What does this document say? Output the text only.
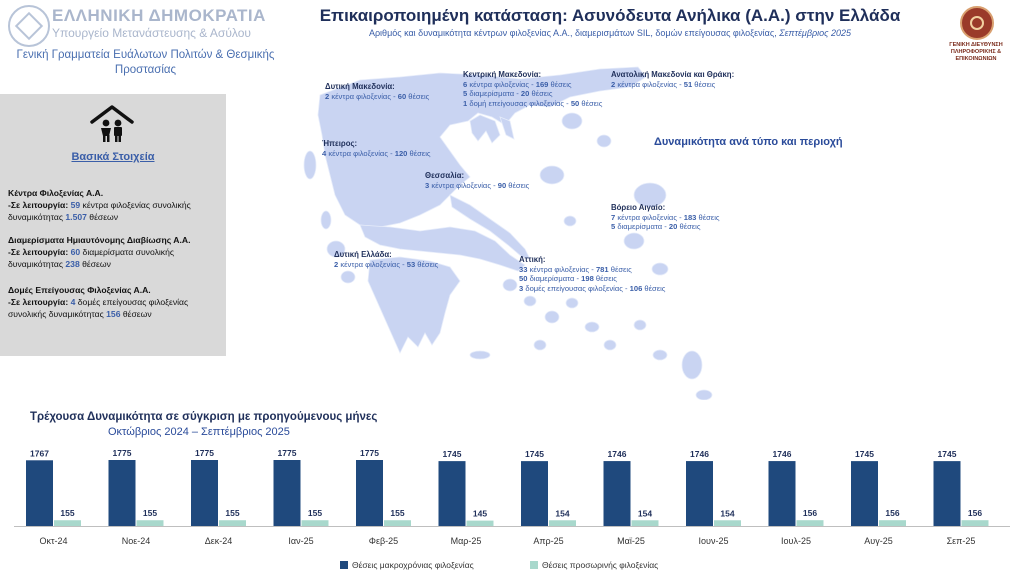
ΕΛΛΗΝΙΚΗ ΔΗΜΟΚΡΑΤΙΑ
Υπουργείο Μετανάστευσης & Ασύλου
Γενική Γραμματεία Ευάλωτων Πολιτών & Θεσμικής Προστασίας
Επικαιροποιημένη κατάσταση: Ασυνόδευτα Ανήλικα (Α.Α.) στην Ελλάδα
Αριθμός και δυναμικότητα κέντρων φιλοξενίας Α.Α., διαμερισμάτων SIL, δομών επείγουσας φιλοξενίας, Σεπτέμβριος 2025
ΓΕΝΙΚΗ ΔΙΕΥΘΥΝΣΗ ΠΛΗΡΟΦΟΡΙΚΗΣ & ΕΠΙΚΟΙΝΩΝΙΩΝ
Βασικά Στοιχεία
Κέντρα Φιλοξενίας Α.Α.
-Σε λειτουργία: 59 κέντρα φιλοξενίας συνολικής δυναμικότητας 1.507 θέσεων
Διαμερίσματα Ημιαυτόνομης Διαβίωσης Α.Α.
-Σε λειτουργία: 60 διαμερίσματα συνολικής δυναμικότητας 238 θέσεων
Δομές Επείγουσας Φιλοξενίας Α.Α.
-Σε λειτουργία: 4 δομές επείγουσας φιλοξενίας συνολικής δυναμικότητας 156 θέσεων
Δυτική Μακεδονία:
2 κέντρα φιλοξενίας - 60 θέσεις
Κεντρική Μακεδονία:
6 κέντρα φιλοξενίας - 169 θέσεις
5 διαμερίσματα - 20 θέσεις
1 δομή επείγουσας φιλοξενίας - 50 θέσεις
Ανατολική Μακεδονία και Θράκη:
2 κέντρα φιλοξενίας - 51 θέσεις
Ήπειρος:
4 κέντρα φιλοξενίας - 120 θέσεις
Θεσσαλία:
3 κέντρα φιλοξενίας - 90 θέσεις
Δυναμικότητα ανά τύπο και περιοχή
Βόρειο Αιγαίο:
7 κέντρα φιλοξενίας - 183 θέσεις
5 διαμερίσματα - 20 θέσεις
Δυτική Ελλάδα:
2 κέντρα φιλοξενίας - 53 θέσεις	Αττική:
33 κέντρα φιλοξενίας - 781 θέσεις
50 διαμερίσματα - 198 θέσεις
3 δομές επείγουσας φιλοξενίας - 106 θέσεις
Τρέχουσα Δυναμικότητα σε σύγκριση με προηγούμενους μήνες
Οκτώβριος 2024 – Σεπτέμβριος 2025
1767
155
Οκτ-24
1775
155
Νοε-24
1775
155
Δεκ-24
1775
155
Ιαν-25
1775
155
Φεβ-25
1745
145
Μαρ-25
1745
154
Απρ-25
1746
154
Μαϊ-25
1746
154
Ιουν-25
1746
156
Ιουλ-25
1745
156
Αυγ-25
1745
156
Σεπ-25
Θέσεις μακροχρόνιας φιλοξενίας	Θέσεις προσωρινής φιλοξενίας
